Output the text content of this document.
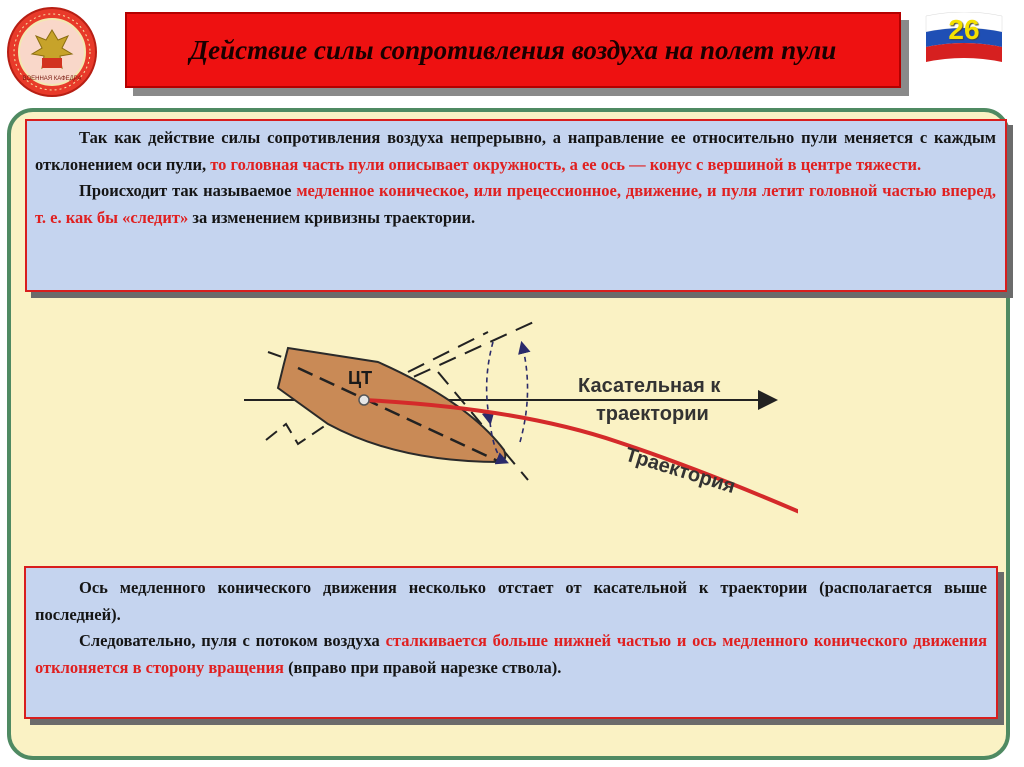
ВОЕННАЯ КАФЕДРА
Действие силы сопротивления воздуха на полет пули
26

Так как действие силы сопротивления воздуха непрерывно, а направление ее относительно пули меняется с каждым отклонением оси пули, то головная часть пули описывает окружность, а ее ось — конус с вершиной в центре тяжести.

Происходит так называемое медленное коническое, или прецессионное, движение, и пуля летит головной частью вперед, т. е. как бы «следит» за изменением кривизны траектории.

ЦТ	Касательная к
траектории
Траектория

Ось медленного конического движения несколько отстает от касательной к траектории (располагается выше последней).

Следовательно, пуля с потоком воздуха сталкивается больше нижней частью и ось медленного конического движения отклоняется в сторону вращения (вправо при правой нарезке ствола).
